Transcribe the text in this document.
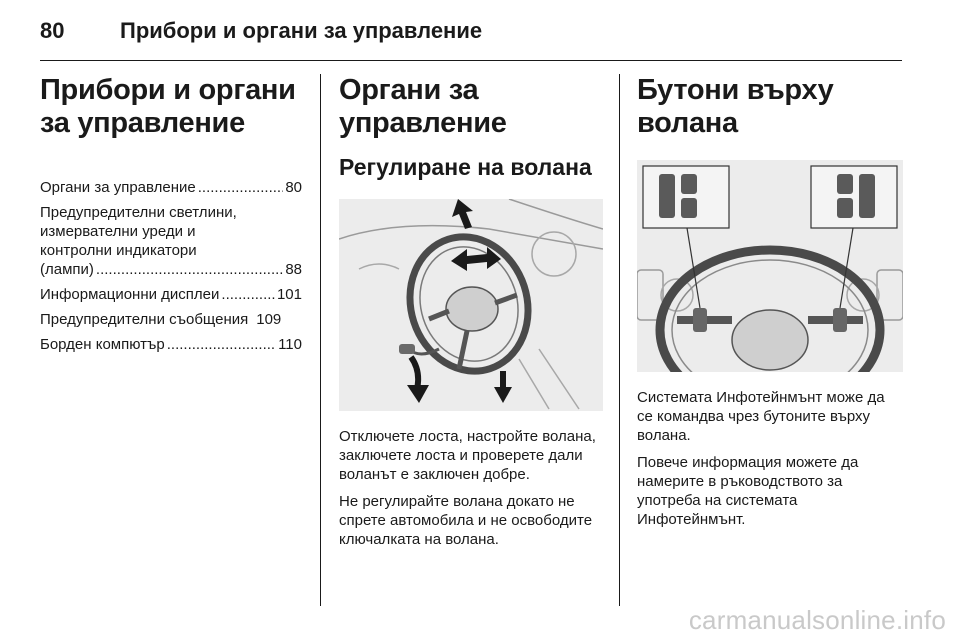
80	Прибори и органи за управление
Прибори и органи за управление
Органи за управление .....	80
Предупредителни светлини,
измервателни уреди и
контролни индикатори
(лампи) .....	88
Информационни дисплеи .....	101
Предупредителни съобщения 109
Борден компютър .....	110
Органи за управление
Регулиране на волана

Отключете лоста, настройте волана, заключете лоста и проверете дали воланът е заключен добре.

Не регулирайте волана докато не спрете автомобила и не освободите ключалката на волана.

Бутони върху волана

Системата Инфотейнмънт може да се командва чрез бутоните върху волана.

Повече информация можете да намерите в ръководството за употреба на системата Инфотейнмънт.

carmanualsonline.info
